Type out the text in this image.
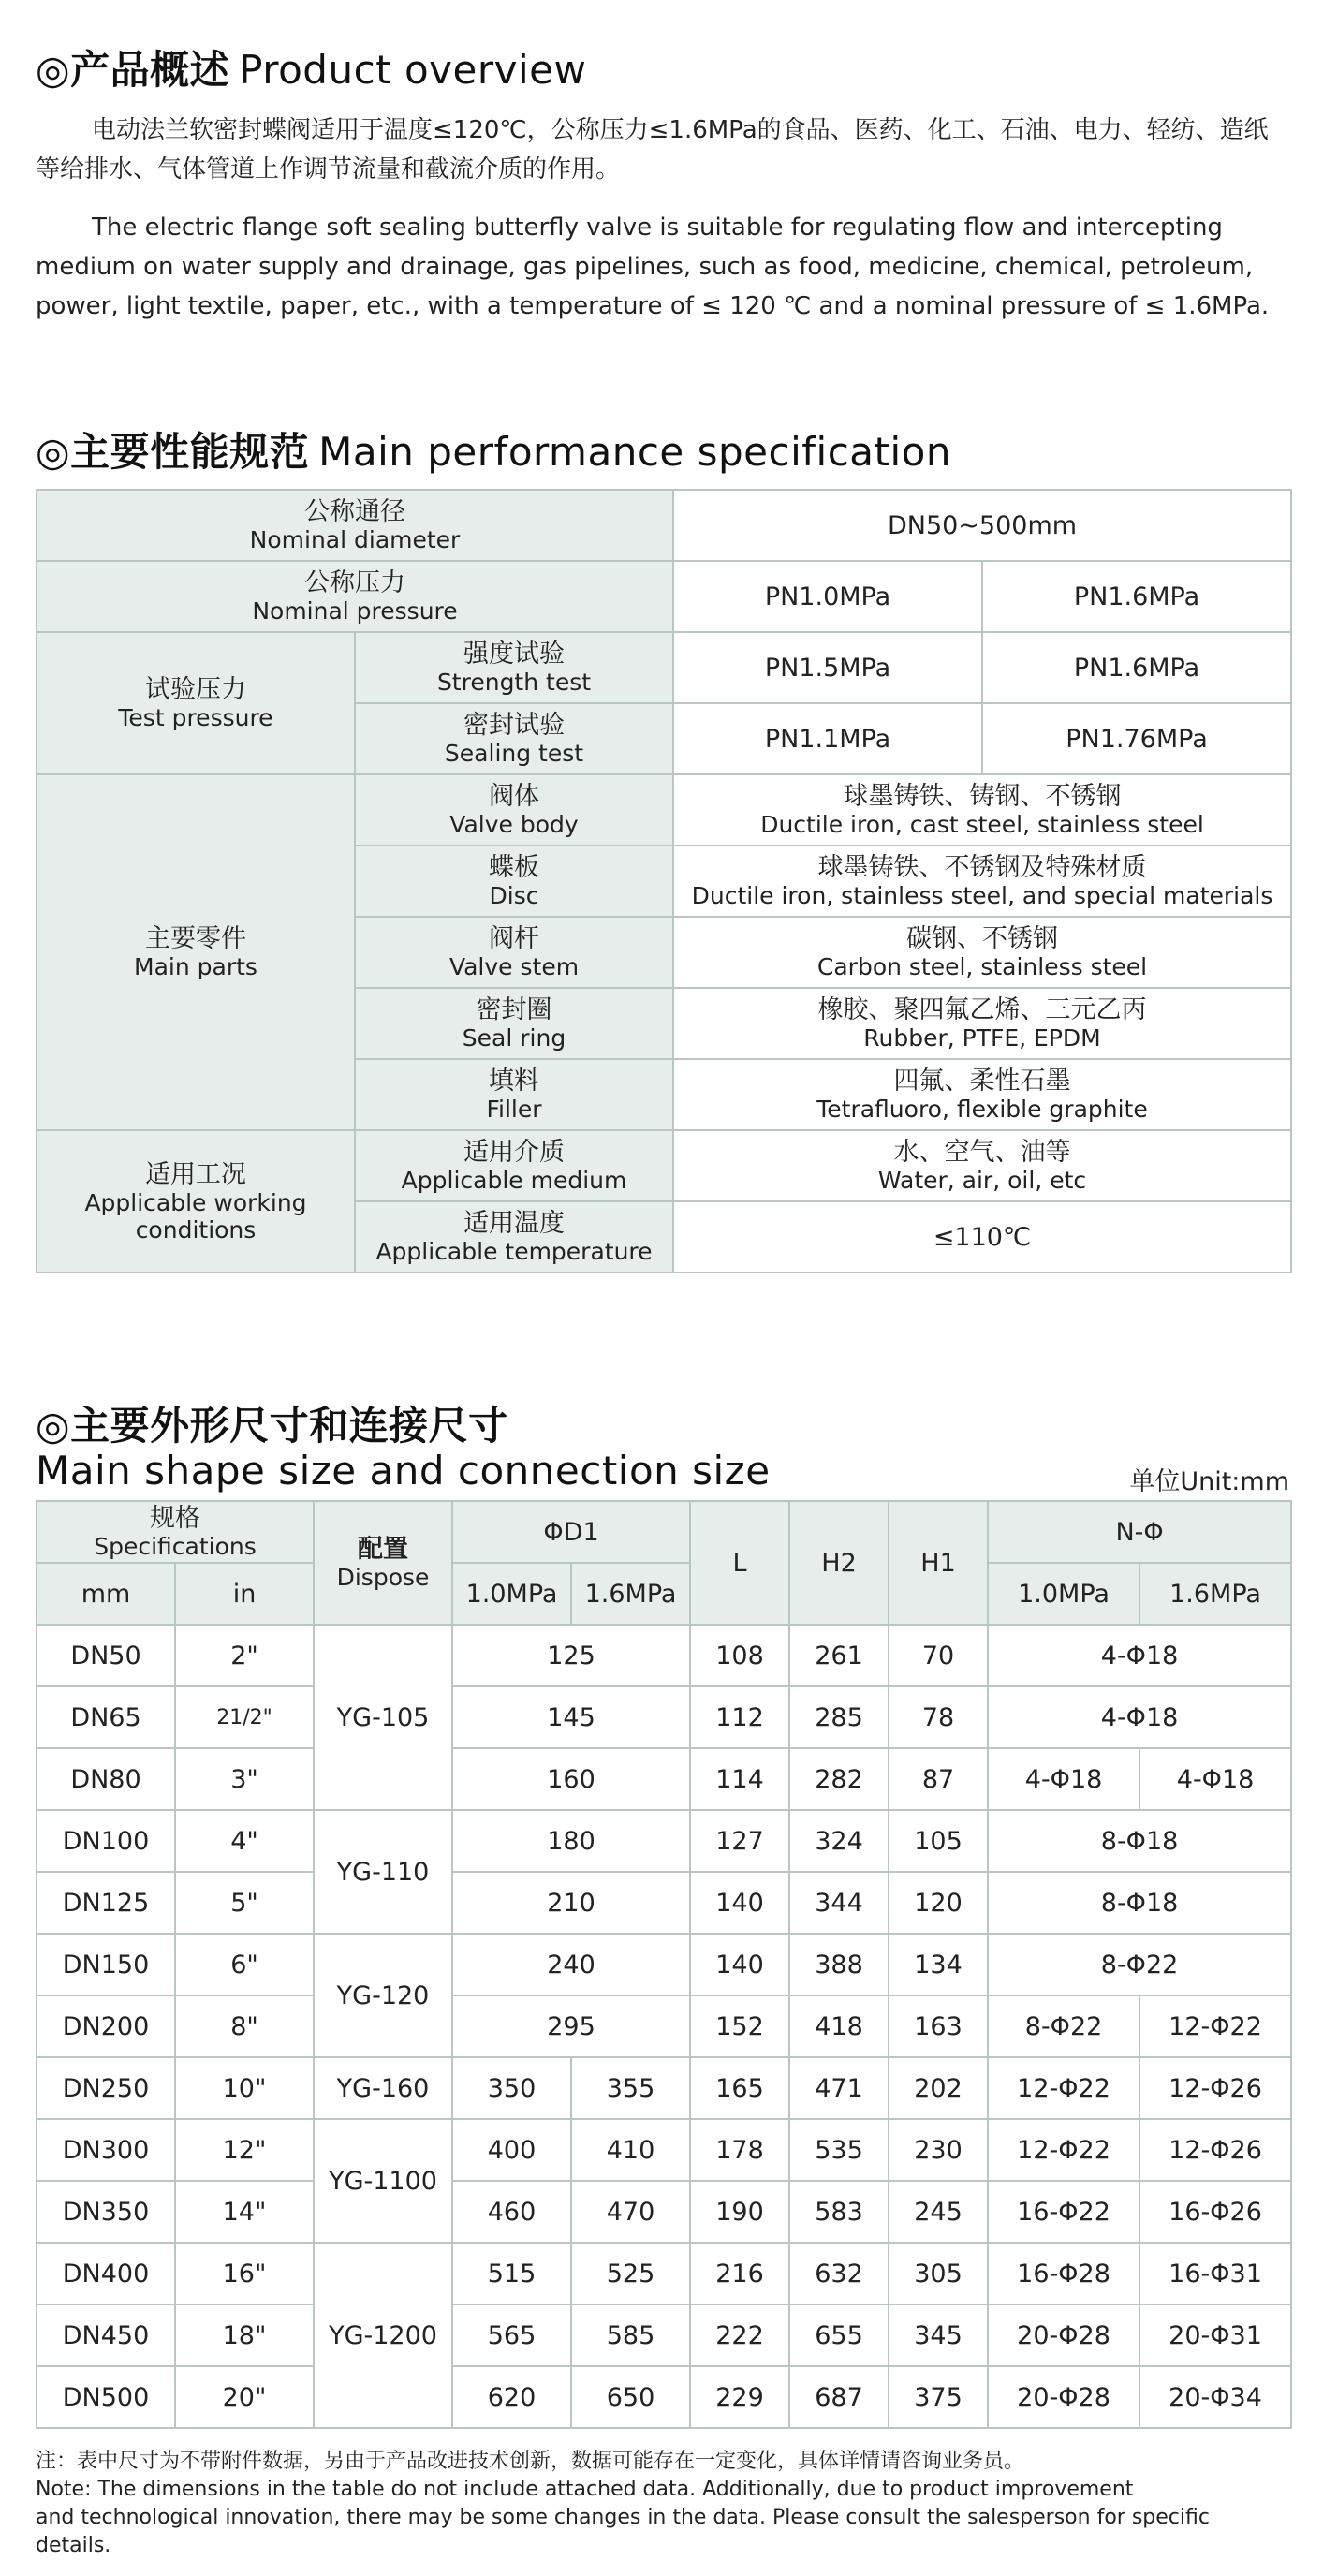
◎产品概述 Product overview
电动法兰软密封蝶阀适用于温度≤120℃，公称压力≤1.6MPa的食品、医药、化工、石油、电力、轻纺、造纸等给排水、气体管道上作调节流量和截流介质的作用。
The electric flange soft sealing butterfly valve is suitable for regulating flow and intercepting medium on water supply and drainage, gas pipelines, such as food, medicine, chemical, petroleum, power, light textile, paper, etc., with a temperature of ≤ 120 ℃ and a nominal pressure of ≤ 1.6MPa.
◎主要性能规范 Main performance specification
公称通径
Nominal diameter		DN50~500mm	

公称压力
Nominal pressure		PN1.0MPa	PN1.6MPa

试验压力
Test pressure	强度试验
Strength test	PN1.5MPa	PN1.6MPa

	密封试验
Sealing test	PN1.1MPa	PN1.76MPa

主要零件
Main parts	阀体
Valve body	球墨铸铁、铸钢、不锈钢
Ductile iron, cast steel, stainless steel	

	蝶板
Disc	球墨铸铁、不锈钢及特殊材质
Ductile iron, stainless steel, and special materials	

	阀杆
Valve stem	碳钢、不锈钢
Carbon steel, stainless steel	

	密封圈
Seal ring	橡胶、聚四氟乙烯、三元乙丙
Rubber, PTFE, EPDM	

	填料
Filler	四氟、柔性石墨
Tetrafluoro, flexible graphite	

适用工况
Applicable working
conditions	适用介质
Applicable medium	水、空气、油等
Water, air, oil, etc	

	适用温度
Applicable temperature	≤110℃	
◎主要外形尺寸和连接尺寸
Main shape size and connection size	单位Unit:mm
规格
Specifications		配置
Dispose	ΦD1		L	H2	H1	N-Φ	
mm	in		1.0MPa	1.6MPa				1.0MPa	1.6MPa
DN50	2"	YG-105	125		108	261	70	4-Φ18	
DN65	21/2"		145		112	285	78	4-Φ18	
DN80	3"		160		114	282	87	4-Φ18	4-Φ18
DN100	4"	YG-110	180		127	324	105	8-Φ18	
DN125	5"		210		140	344	120	8-Φ18	
DN150	6"	YG-120	240		140	388	134	8-Φ22	
DN200	8"		295		152	418	163	8-Φ22	12-Φ22
DN250	10"	YG-160	350	355	165	471	202	12-Φ22	12-Φ26
DN300	12"	YG-1100	400	410	178	535	230	12-Φ22	12-Φ26
DN350	14"		460	470	190	583	245	16-Φ22	16-Φ26
DN400	16"	YG-1200	515	525	216	632	305	16-Φ28	16-Φ31
DN450	18"		565	585	222	655	345	20-Φ28	20-Φ31
DN500	20"		620	650	229	687	375	20-Φ28	20-Φ34
注：表中尺寸为不带附件数据，另由于产品改进技术创新，数据可能存在一定变化，具体详情请咨询业务员。
Note: The dimensions in the table do not include attached data. Additionally, due to product improvement
and technological innovation, there may be some changes in the data. Please consult the salesperson for specific details.
